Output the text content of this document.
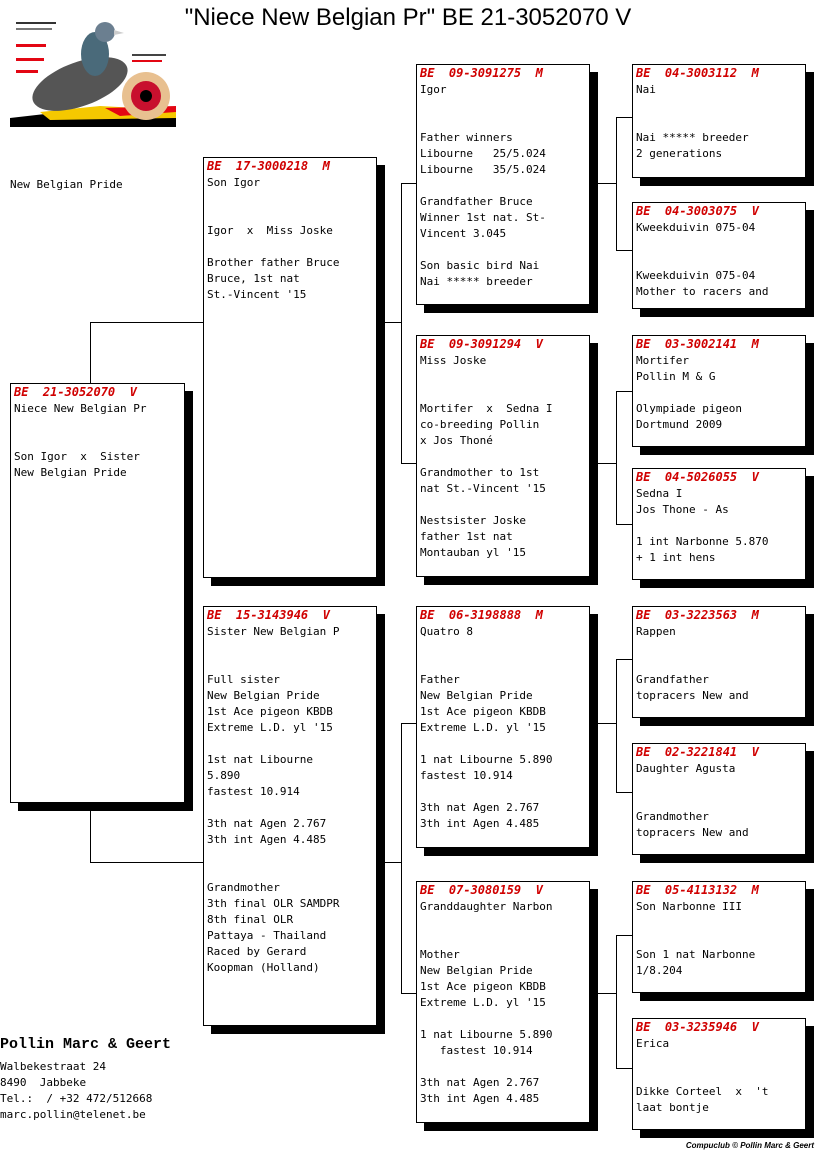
"Niece New Belgian Pr" BE 21-3052070 V
New Belgian Pride
BE  21-3052070  V
Niece New Belgian Pr

Son Igor  x  Sister
New Belgian Pride
BE  17-3000218  M
Son Igor

Igor  x  Miss Joske

Brother father Bruce
Bruce, 1st nat
St.-Vincent '15
BE  15-3143946  V
Sister New Belgian P

Full sister
New Belgian Pride
1st Ace pigeon KBDB
Extreme L.D. yl '15

1st nat Libourne
5.890
fastest 10.914

3th nat Agen 2.767
3th int Agen 4.485

Grandmother
3th final OLR SAMDPR
8th final OLR
Pattaya - Thailand
Raced by Gerard
Koopman (Holland)
BE  09-3091275  M
Igor

Father winners
Libourne   25/5.024
Libourne   35/5.024

Grandfather Bruce
Winner 1st nat. St-
Vincent 3.045

Son basic bird Nai
Nai ***** breeder
BE  09-3091294  V
Miss Joske

Mortifer  x  Sedna I
co-breeding Pollin
x Jos Thoné

Grandmother to 1st
nat St.-Vincent '15

Nestsister Joske
father 1st nat
Montauban yl '15
BE  06-3198888  M
Quatro 8

Father
New Belgian Pride
1st Ace pigeon KBDB
Extreme L.D. yl '15

1 nat Libourne 5.890
fastest 10.914

3th nat Agen 2.767
3th int Agen 4.485
BE  07-3080159  V
Granddaughter Narbon

Mother
New Belgian Pride
1st Ace pigeon KBDB
Extreme L.D. yl '15

1 nat Libourne 5.890
fastest 10.914

3th nat Agen 2.767
3th int Agen 4.485
BE  04-3003112  M
Nai

Nai ***** breeder
2 generations
BE  04-3003075  V
Kweekduivin 075-04

Kweekduivin 075-04
Mother to racers and
BE  03-3002141  M
Mortifer
Pollin M & G

Olympiade pigeon
Dortmund 2009
BE  04-5026055  V
Sedna I
Jos Thone - As

1 int Narbonne 5.870
+ 1 int hens
BE  03-3223563  M
Rappen

Grandfather
topracers New and
BE  02-3221841  V
Daughter Agusta

Grandmother
topracers New and
BE  05-4113132  M
Son Narbonne III

Son 1 nat Narbonne
1/8.204
BE  03-3235946  V
Erica

Dikke Corteel  x  't
laat bontje
Pollin Marc & Geert
Walbekestraat 24
8490  Jabbeke
Tel.:  / +32 472/512668
marc.pollin@telenet.be
Compuclub © Pollin Marc & Geert
